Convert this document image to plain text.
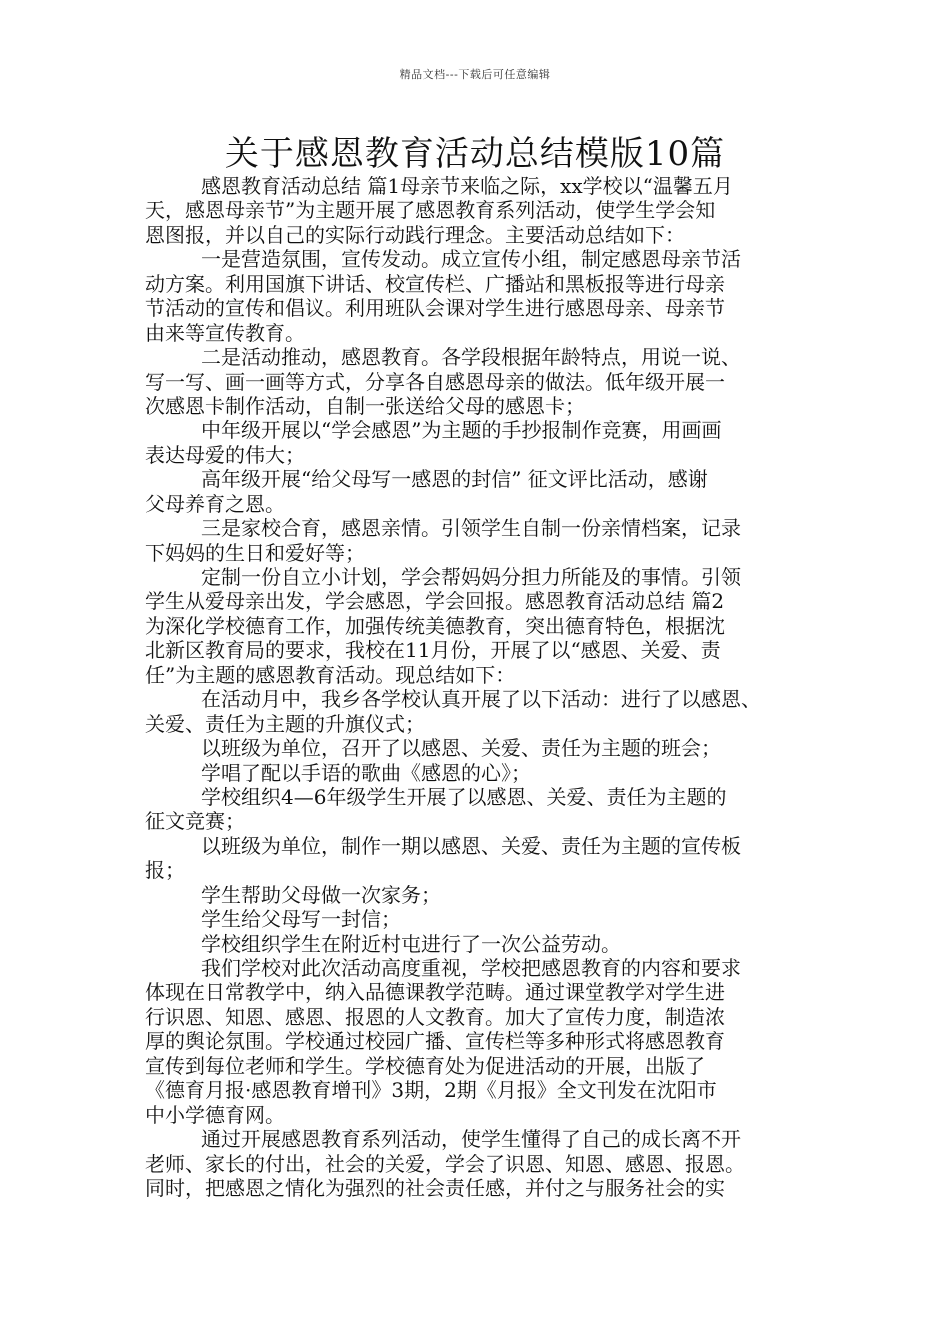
精品文档---下载后可任意编辑
关于感恩教育活动总结模版10篇
感恩教育活动总结 篇1母亲节来临之际，xx学校以“温馨五月
天，感恩母亲节”为主题开展了感恩教育系列活动，使学生学会知
恩图报，并以自己的实际行动践行理念。主要活动总结如下：
一是营造氛围，宣传发动。成立宣传小组，制定感恩母亲节活
动方案。利用国旗下讲话、校宣传栏、广播站和黑板报等进行母亲
节活动的宣传和倡议。利用班队会课对学生进行感恩母亲、母亲节
由来等宣传教育。
二是活动推动，感恩教育。各学段根据年龄特点，用说一说、
写一写、画一画等方式，分享各自感恩母亲的做法。低年级开展一
次感恩卡制作活动，自制一张送给父母的感恩卡；
中年级开展以“学会感恩”为主题的手抄报制作竞赛，用画画
表达母爱的伟大；
高年级开展“给父母写一感恩的封信” 征文评比活动，感谢
父母养育之恩。
三是家校合育，感恩亲情。引领学生自制一份亲情档案，记录
下妈妈的生日和爱好等；
定制一份自立小计划，学会帮妈妈分担力所能及的事情。引领
学生从爱母亲出发，学会感恩，学会回报。感恩教育活动总结 篇2
为深化学校德育工作，加强传统美德教育，突出德育特色，根据沈
北新区教育局的要求，我校在11月份，开展了以“感恩、关爱、责
任”为主题的感恩教育活动。现总结如下：
在活动月中，我乡各学校认真开展了以下活动：进行了以感恩、
关爱、责任为主题的升旗仪式；
以班级为单位，召开了以感恩、关爱、责任为主题的班会；
学唱了配以手语的歌曲《感恩的心》；
学校组织4—6年级学生开展了以感恩、关爱、责任为主题的
征文竞赛；
以班级为单位，制作一期以感恩、关爱、责任为主题的宣传板
报；
学生帮助父母做一次家务；
学生给父母写一封信；
学校组织学生在附近村屯进行了一次公益劳动。
我们学校对此次活动高度重视，学校把感恩教育的内容和要求
体现在日常教学中，纳入品德课教学范畴。通过课堂教学对学生进
行识恩、知恩、感恩、报恩的人文教育。加大了宣传力度，制造浓
厚的舆论氛围。学校通过校园广播、宣传栏等多种形式将感恩教育
宣传到每位老师和学生。学校德育处为促进活动的开展，出版了
《德育月报·感恩教育增刊》3期，2期《月报》全文刊发在沈阳市
中小学德育网。
通过开展感恩教育系列活动，使学生懂得了自己的成长离不开
老师、家长的付出，社会的关爱，学会了识恩、知恩、感恩、报恩。
同时，把感恩之情化为强烈的社会责任感，并付之与服务社会的实
